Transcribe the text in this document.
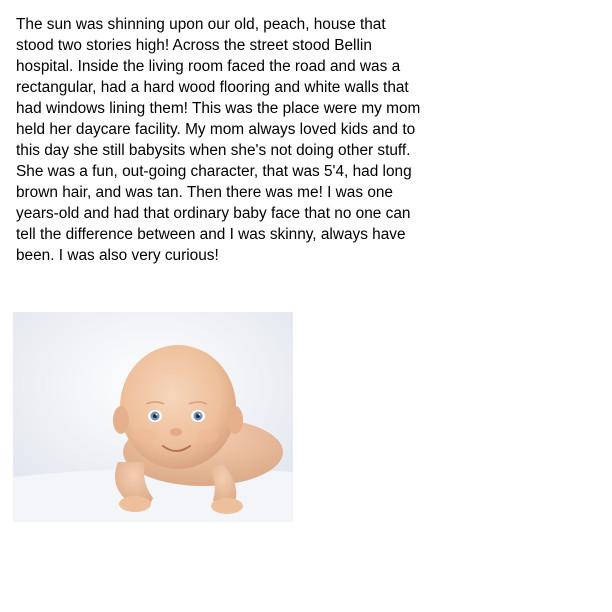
The sun was shinning upon our old, peach, house that
stood two stories high! Across the street stood Bellin
hospital. Inside the living room faced the road and was a
rectangular, had a hard wood flooring and white walls that
had windows lining them! This was the place were my mom
held her daycare facility. My mom always loved kids and to
this day she still babysits when she's not doing other stuff.
She was a fun, out-going character, that was 5'4, had long
brown hair, and was tan. Then there was me! I was one
years-old and had that ordinary baby face that no one can
tell the difference between and I was skinny, always have
been. I was also very curious!
